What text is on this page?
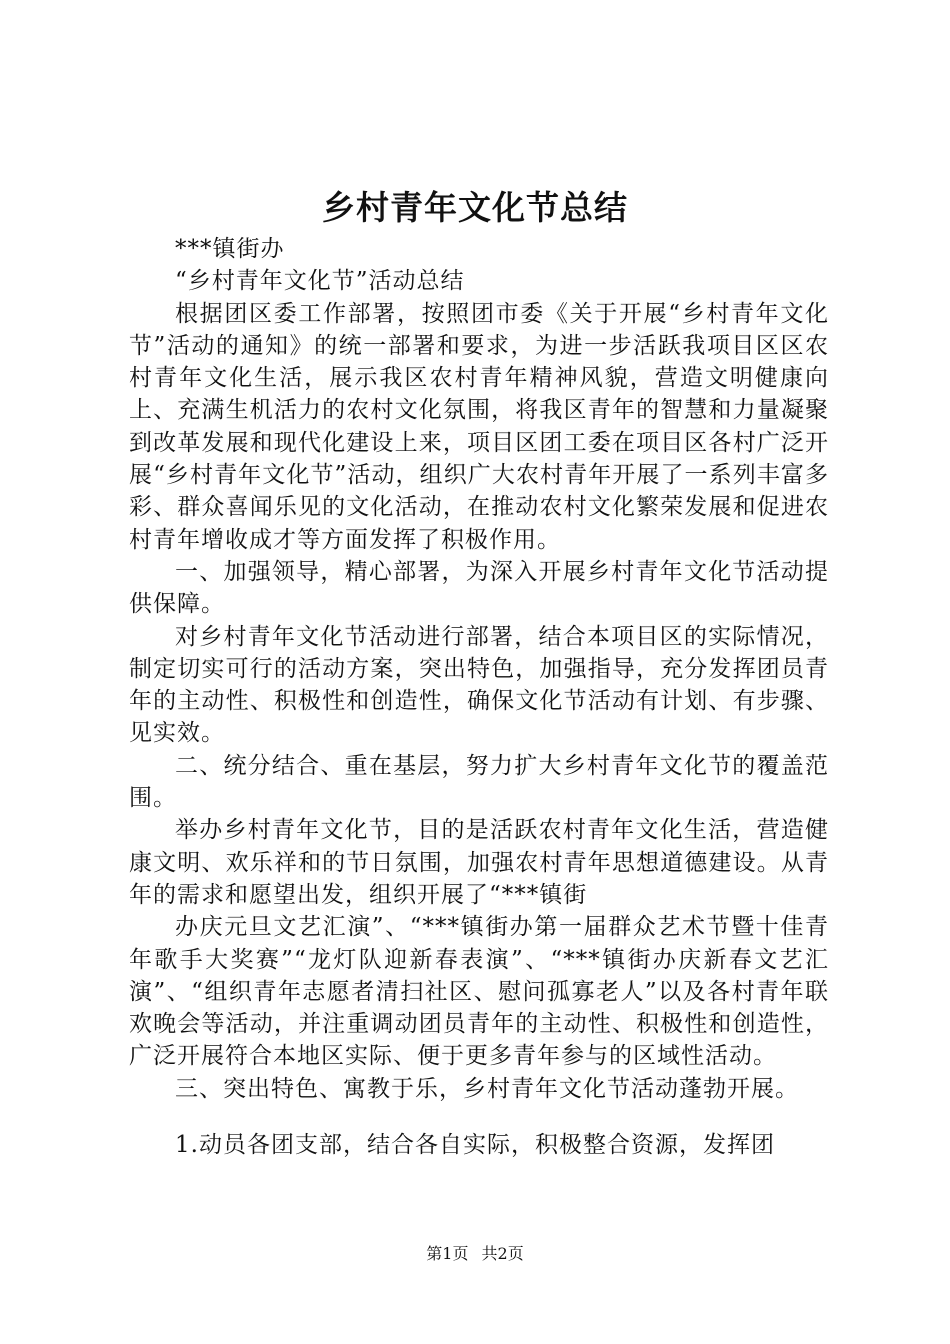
乡村青年文化节总结

***镇街办

“乡村青年文化节”活动总结

根据团区委工作部署，按照团市委《关于开展“乡村青年文化节”活动的通知》的统一部署和要求，为进一步活跃我项目区区农村青年文化生活，展示我区农村青年精神风貌，营造文明健康向上、充满生机活力的农村文化氛围，将我区青年的智慧和力量凝聚到改革发展和现代化建设上来，项目区团工委在项目区各村广泛开展“乡村青年文化节”活动，组织广大农村青年开展了一系列丰富多彩、群众喜闻乐见的文化活动，在推动农村文化繁荣发展和促进农村青年增收成才等方面发挥了积极作用。

一、加强领导，精心部署，为深入开展乡村青年文化节活动提供保障。

对乡村青年文化节活动进行部署，结合本项目区的实际情况，制定切实可行的活动方案，突出特色，加强指导，充分发挥团员青年的主动性、积极性和创造性，确保文化节活动有计划、有步骤、见实效。

二、统分结合、重在基层，努力扩大乡村青年文化节的覆盖范围。

举办乡村青年文化节，目的是活跃农村青年文化生活，营造健康文明、欢乐祥和的节日氛围，加强农村青年思想道德建设。从青年的需求和愿望出发，组织开展了“***镇街

办庆元旦文艺汇演”、“***镇街办第一届群众艺术节暨十佳青年歌手大奖赛”“龙灯队迎新春表演”、“***镇街办庆新春文艺汇演”、“组织青年志愿者清扫社区、慰问孤寡老人”以及各村青年联欢晚会等活动，并注重调动团员青年的主动性、积极性和创造性，广泛开展符合本地区实际、便于更多青年参与的区域性活动。

三、突出特色、寓教于乐，乡村青年文化节活动蓬勃开展。

1.动员各团支部，结合各自实际，积极整合资源，发挥团

第1页 共2页
